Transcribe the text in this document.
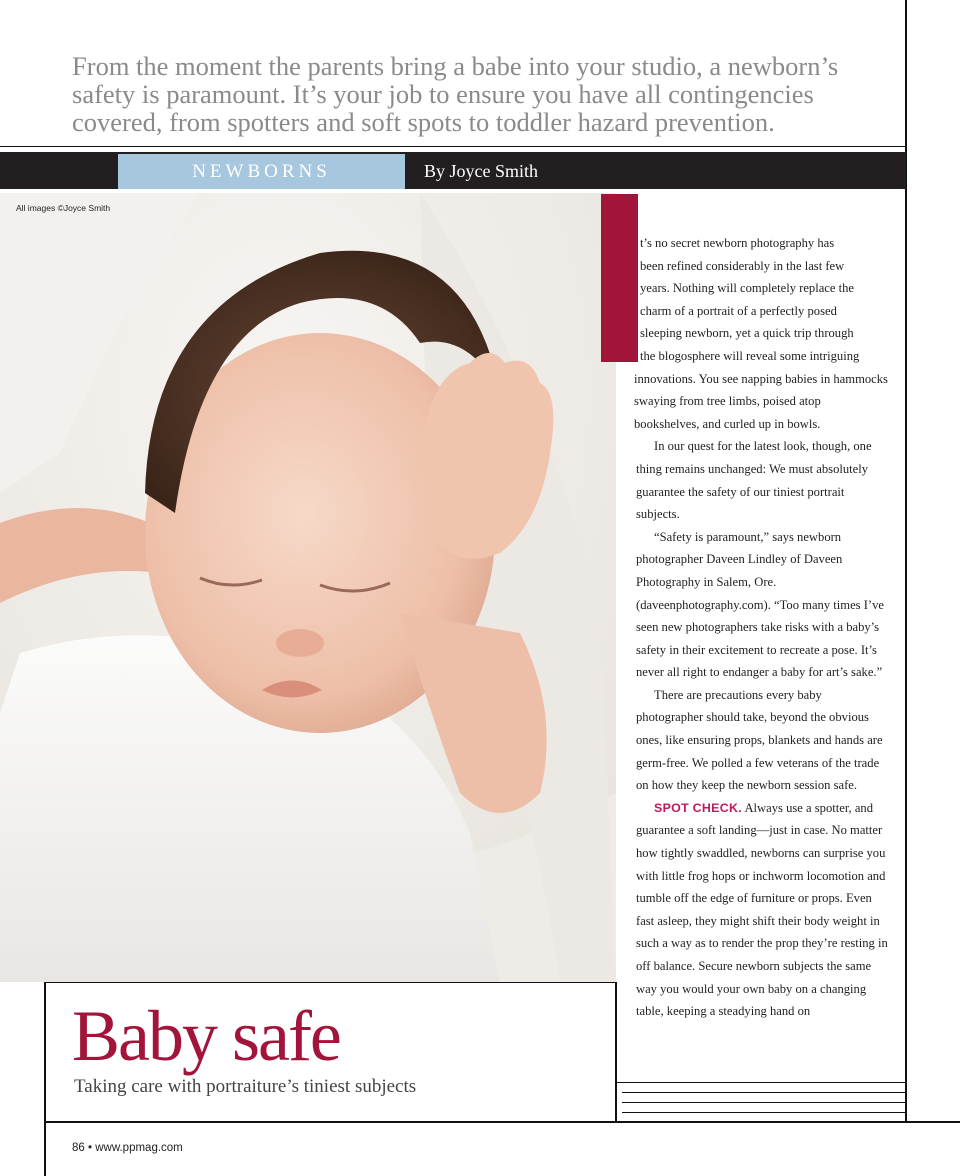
From the moment the parents bring a babe into your studio, a newborn’s safety is paramount. It’s your job to ensure you have all contingencies covered, from spotters and soft spots to toddler hazard prevention.

NEWBORNS	By Joyce Smith
All images ©Joyce Smith
t’s no secret newborn photography has
been refined considerably in the last few
years. Nothing will completely replace the
charm of a portrait of a perfectly posed
sleeping newborn, yet a quick trip through
the blogosphere will reveal some intriguing

innovations. You see napping babies in hammocks swaying from tree limbs, poised atop bookshelves, and curled up in bowls.

In our quest for the latest look, though, one thing remains unchanged: We must absolutely guarantee the safety of our tiniest portrait subjects.

“Safety is paramount,” says newborn photographer Daveen Lindley of Daveen Photography in Salem, Ore. (daveenphotography.com). “Too many times I’ve seen new photographers take risks with a baby’s safety in their excitement to recreate a pose. It’s never all right to endanger a baby for art’s sake.”

There are precautions every baby photographer should take, beyond the obvious ones, like ensuring props, blankets and hands are germ-free. We polled a few veterans of the trade on how they keep the newborn session safe.

SPOT CHECK. Always use a spotter, and guarantee a soft landing—just in case. No matter how tightly swaddled, newborns can surprise you with little frog hops or inchworm locomotion and tumble off the edge of furniture or props. Even fast asleep, they might shift their body weight in such a way as to render the prop they’re resting in off balance. Secure newborn subjects the same way you would your own baby on a changing table, keeping a steadying hand on

Baby safe
Taking care with portraiture’s tiniest subjects
86 • www.ppmag.com
